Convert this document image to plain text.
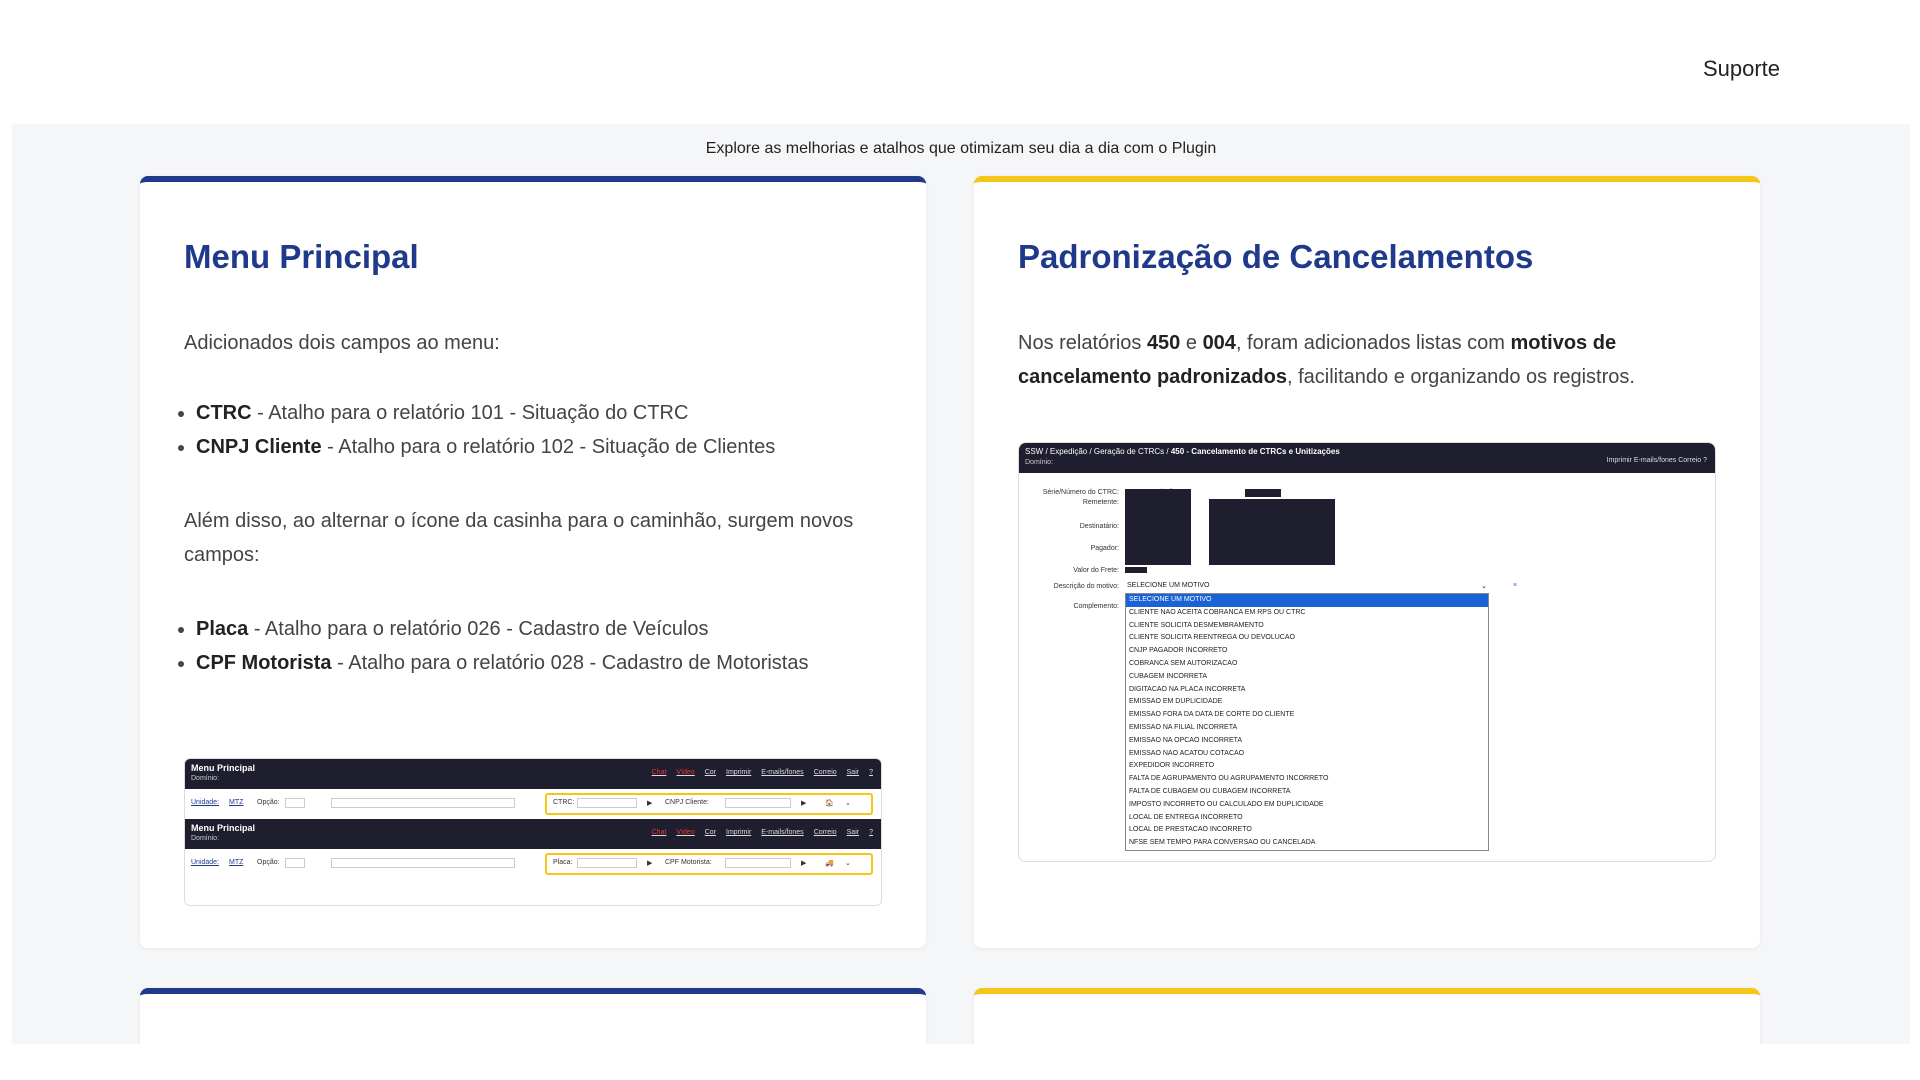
Suporte
Explore as melhorias e atalhos que otimizam seu dia a dia com o Plugin
Menu Principal
Adicionados dois campos ao menu:
• CTRC - Atalho para o relatório 101 - Situação do CTRC
• CNPJ Cliente - Atalho para o relatório 102 - Situação de Clientes
Além disso, ao alternar o ícone da casinha para o caminhão, surgem novos campos:
• Placa - Atalho para o relatório 026 - Cadastro de Veículos
• CPF Motorista - Atalho para o relatório 028 - Cadastro de Motoristas
Menu Principal
Domínio:
Chat Vídeo Cor Imprimir E-mails/fones Correio Sair ?
Unidade: MTZ Opção:	CTRC:	▶ CNPJ Cliente:	▶	🏠 ⌄
Menu Principal
Domínio:
Chat Vídeo Cor Imprimir E-mails/fones Correio Sair ?
Unidade: MTZ Opção:	Placa:	▶ CPF Motorista:	▶	🚚 ⌄
Padronização de Cancelamentos
Nos relatórios 450 e 004, foram adicionados listas com motivos de cancelamento padronizados, facilitando e organizando os registros.
SSW / Expedição / Geração de CTRCs / 450 - Cancelamento de CTRCs e Unitizações
Domínio:	Imprimir E-mails/fones Correio ?
Série/Número do CTRC:
Remetente:
Destinatário:
Pagador:
Valor do Frete:
Descrição do motivo:
Complemento:
SELECIONE UM MOTIVO	⌄	×
SELECIONE UM MOTIVO
CLIENTE NAO ACEITA COBRANCA EM RPS OU CTRC
CLIENTE SOLICITA DESMEMBRAMENTO
CLIENTE SOLICITA REENTREGA OU DEVOLUCAO
CNJP PAGADOR INCORRETO
COBRANCA SEM AUTORIZACAO
CUBAGEM INCORRETA
DIGITACAO NA PLACA INCORRETA
EMISSAO EM DUPLICIDADE
EMISSAO FORA DA DATA DE CORTE DO CLIENTE
EMISSAO NA FILIAL INCORRETA
EMISSAO NA OPCAO INCORRETA
EMISSAO NAO ACATOU COTACAO
EXPEDIDOR INCORRETO
FALTA DE AGRUPAMENTO OU AGRUPAMENTO INCORRETO
FALTA DE CUBAGEM OU CUBAGEM INCORRETA
IMPOSTO INCORRETO OU CALCULADO EM DUPLICIDADE
LOCAL DE ENTREGA INCORRETO
LOCAL DE PRESTACAO INCORRETO
NFSE SEM TEMPO PARA CONVERSAO OU CANCELADA
